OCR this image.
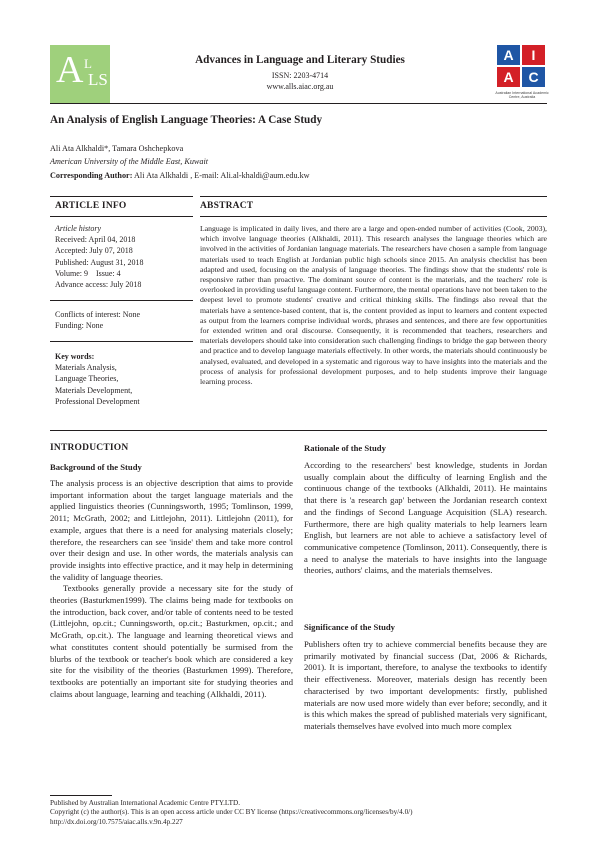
A L
LS
Advances in Language and Literary Studies
ISSN: 2203-4714
www.alls.aiac.org.au
A	I
A	C
Australian International Academic Centre, Australia
An Analysis of English Language Theories: A Case Study
Ali Ata Alkhaldi*, Tamara Oshchepkova
American University of the Middle East, Kuwait
Corresponding Author: Ali Ata Alkhaldi , E-mail: Ali.al-khaldi@aum.edu.kw
ARTICLE INFO
Article history
Received: April 04, 2018
Accepted: July 07, 2018
Published: August 31, 2018
Volume: 9    Issue: 4
Advance access: July 2018
Conflicts of interest: None
Funding: None
Key words:
Materials Analysis,
Language Theories,
Materials Development,
Professional Development
ABSTRACT
Language is implicated in daily lives, and there are a large and open-ended number of activities (Cook, 2003), which involve language theories (Alkhaldi, 2011). This research analyses the language theories which are involved in the activities of Jordanian language materials. The researchers have chosen a sample from language materials used to teach English at Jordanian public high schools since 2015. An analysis checklist has been adapted and used, focusing on the analysis of language theories. The findings show that the students' role is responsive rather than proactive. The dominant source of content is the materials, and the teachers' role is overlooked in providing useful language content. Furthermore, the mental operations have not been taken to the deepest level to promote students' creative and critical thinking skills. The findings also reveal that the materials have a sentence-based content, that is, the content provided as input to learners and content expected as output from the learners comprise individual words, phrases and sentences, and there are few opportunities for extended written and oral discourse. Consequently, it is recommended that teachers, researchers and materials developers should take into consideration such challenging findings to bridge the gap between theory and practice and to develop language materials effectively. In other words, the materials should continuously be analysed, evaluated, and developed in a systematic and rigorous way to have insights into the materials and the process of analysis for professional development purposes, and to help students improve their language learning process.
INTRODUCTION
Background of the Study

The analysis process is an objective description that aims to provide important information about the target language materials and the applied linguistics theories (Cunningsworth, 1995; Tomlinson, 1999, 2011; McGrath, 2002; and Littlejohn, 2011). Littlejohn (2011), for example, argues that there is a need for analysing materials closely; therefore, the researchers can see 'inside' them and take more control over their design and use. In other words, the materials analysis can provide insights into effective practice, and it may help in determining the validity of language theories.

Textbooks generally provide a necessary site for the study of theories (Basturkmen1999). The claims being made for textbooks on the introduction, back cover, and/or table of contents need to be tested (Littlejohn, op.cit.; Cunningsworth, op.cit.; Basturkmen, op.cit.; and McGrath, op.cit.). The language and learning theoretical views and what constitutes content should potentially be surmised from the blurbs of the textbook or teacher's book which are considered a key site for the visibility of the theories (Basturkmen 1999). Therefore, textbooks are potentially an important site for studying theories and claims about language, learning and teaching (Alkhaldi, 2011).

Rationale of the Study
According to the researchers' best knowledge, students in Jordan usually complain about the difficulty of learning English and the continuous change of the textbooks (Alkhaldi, 2011). He maintains that there is 'a research gap' between the Jordanian research context and the findings of Second Language Acquisition (SLA) research. Furthermore, there are high quality materials to help learners learn English, but learners are not able to achieve a satisfactory level of communicative competence (Tomlinson, 2011). Consequently, there is a need to analyse the materials to have insights into the language theories, authors' claims, and the materials themselves.
Significance of the Study
Publishers often try to achieve commercial benefits because they are primarily motivated by financial success (Dat, 2006 & Richards, 2001). It is important, therefore, to analyse the textbooks to identify their effectiveness. Moreover, materials design has recently been characterised by two important developments: firstly, published materials are now used more widely than ever before; secondly, and it is this which makes the spread of published materials very significant, materials themselves have evolved into much more complex
Published by Australian International Academic Centre PTY.LTD.
Copyright (c) the author(s). This is an open access article under CC BY license (https://creativecommons.org/licenses/by/4.0/)
http://dx.doi.org/10.7575/aiac.alls.v.9n.4p.227
